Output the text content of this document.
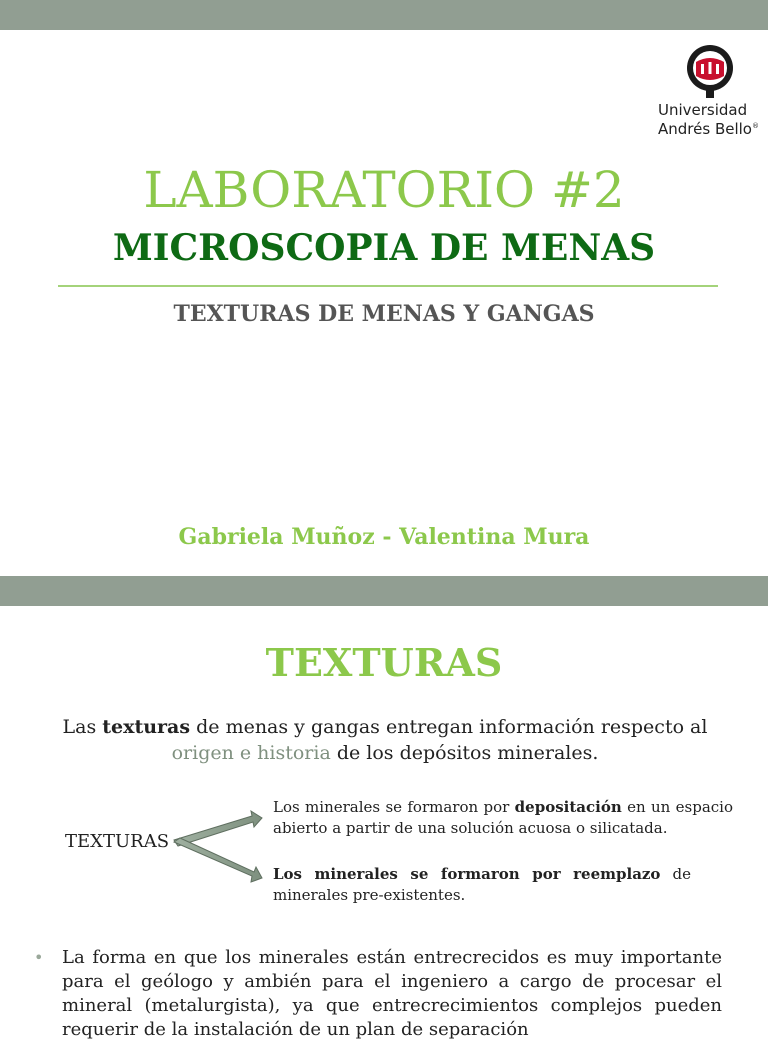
Universidad
Andrés Bello®
LABORATORIO #2
MICROSCOPIA DE MENAS
TEXTURAS DE MENAS Y GANGAS
Gabriela Muñoz - Valentina Mura
TEXTURAS
Las texturas de menas y gangas entregan información respecto al origen e historia de los depósitos minerales.
TEXTURAS
Los minerales se formaron por depositación en un espacio abierto a partir de una solución acuosa o silicatada.
Los minerales se formaron por reemplazo de minerales pre-existentes.
• La forma en que los minerales están entrecrecidos es muy importante para el geólogo y ambién para el ingeniero a cargo de procesar el mineral (metalurgista), ya que entrecrecimientos complejos pueden requerir de la instalación de un plan de separación
